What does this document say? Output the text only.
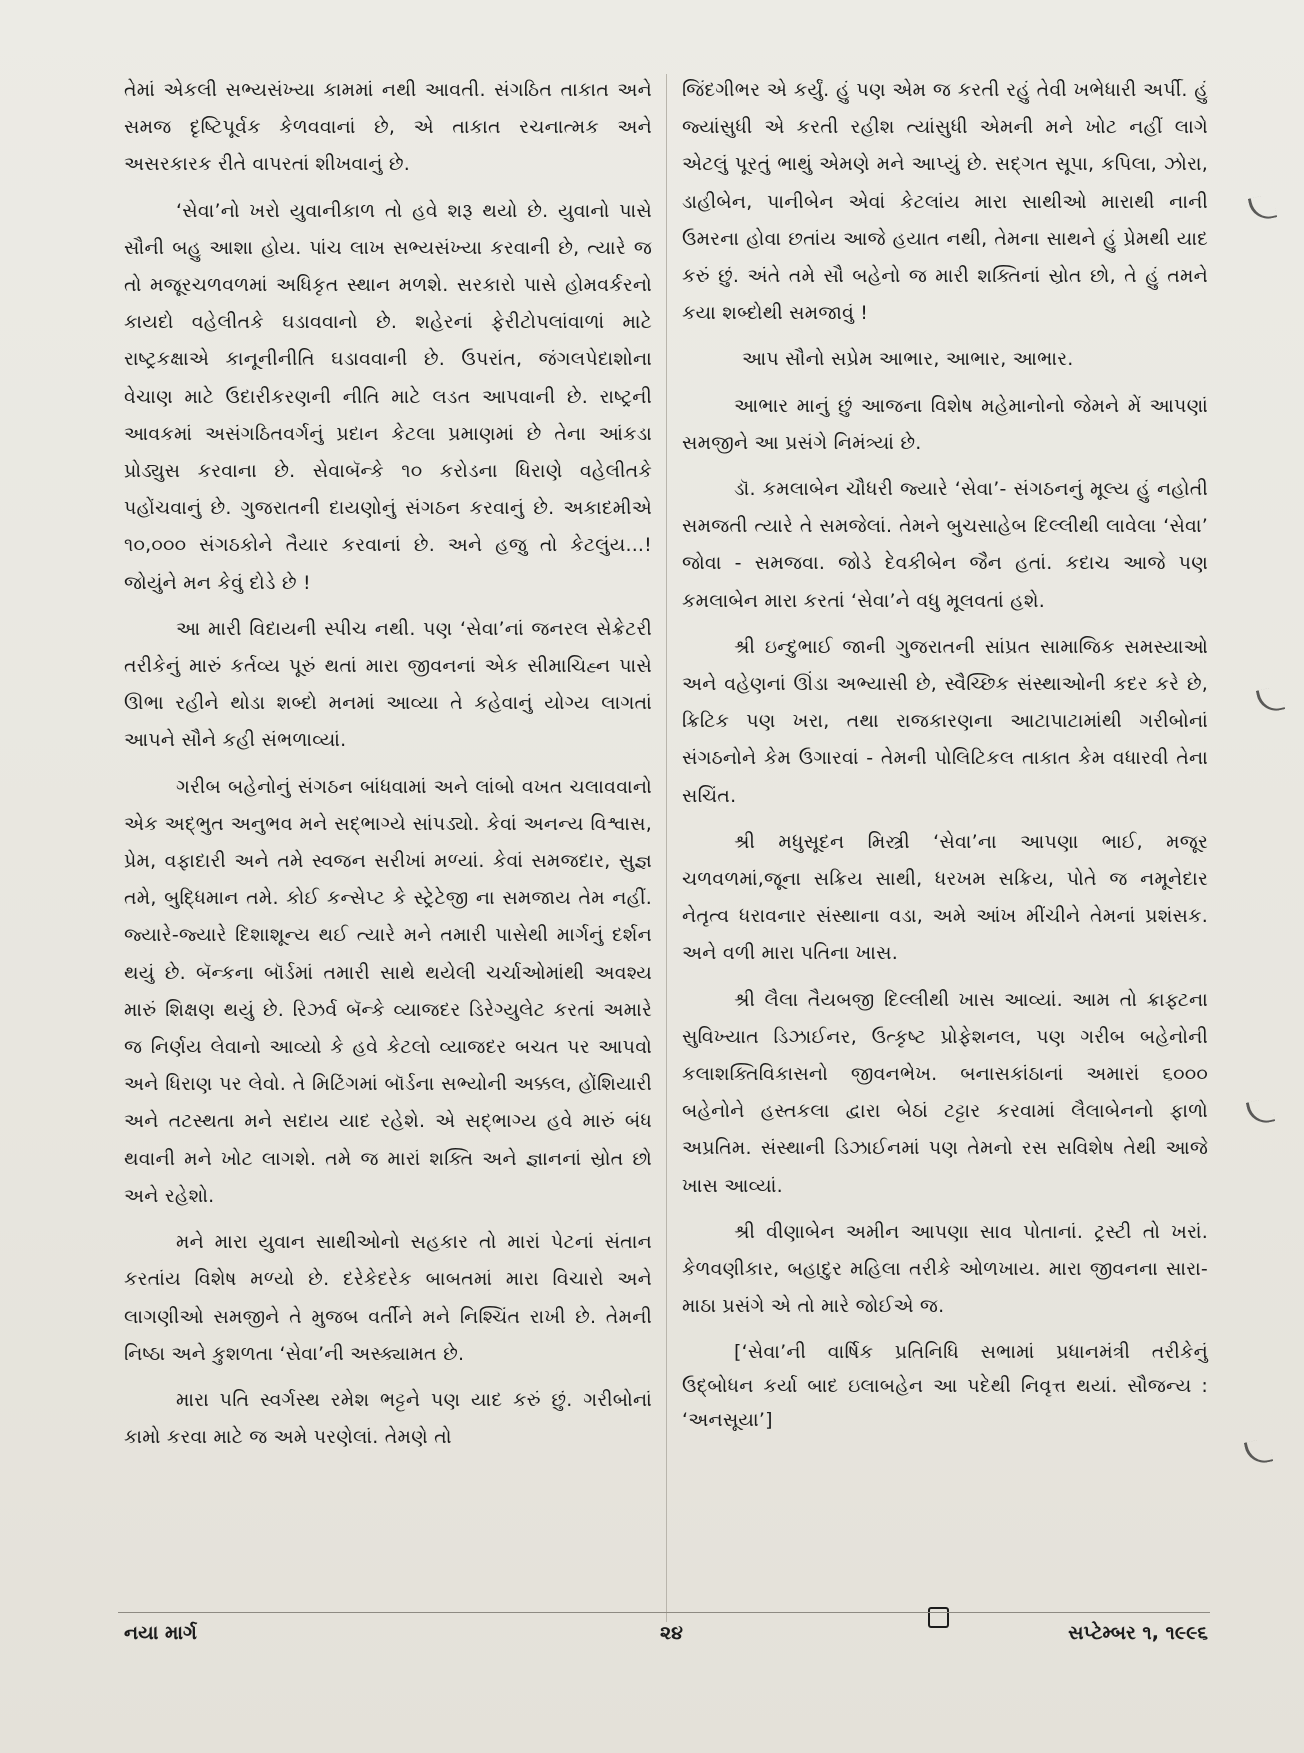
તેમાં એકલી સભ્યસંખ્યા કામમાં નથી આવતી. સંગઠિત તાકાત અને સમજ દૃષ્ટિપૂર્વક કેળવવાનાં છે, એ તાકાત રચનાત્મક અને અસરકારક રીતે વાપરતાં શીખવાનું છે.

‘સેવા’નો ખરો યુવાનીકાળ તો હવે શરૂ થયો છે. યુવાનો પાસે સૌની બહુ આશા હોય. પાંચ લાખ સભ્યસંખ્યા કરવાની છે, ત્યારે જ તો મજૂરચળવળમાં અધિકૃત સ્થાન મળશે. સરકારો પાસે હોમવર્કરનો કાયદો વહેલીતકે ઘડાવવાનો છે. શહેરનાં ફેરીટોપલાંવાળાં માટે રાષ્ટ્રકક્ષાએ કાનૂનીનીતિ ઘડાવવાની છે. ઉપરાંત, જંગલપેદાશોના વેચાણ માટે ઉદારીકરણની નીતિ માટે લડત આપવાની છે. રાષ્ટ્રની આવકમાં અસંગઠિતવર્ગનું પ્રદાન કેટલા પ્રમાણમાં છે તેના આંકડા પ્રોડ્યુસ કરવાના છે. સેવાબૅન્કે ૧૦ કરોડના ધિરાણે વહેલીતકે પહોંચવાનું છે. ગુજરાતની દાયણોનું સંગઠન કરવાનું છે. અકાદમીએ ૧૦,૦૦૦ સંગઠકોને તૈયાર કરવાનાં છે. અને હજુ તો કેટલુંય...! જોયુંને મન કેવું દોડે છે !

આ મારી વિદાયની સ્પીચ નથી. પણ ‘સેવા’નાં જનરલ સેક્રેટરી તરીકેનું મારું કર્તવ્ય પૂરું થતાં મારા જીવનનાં એક સીમાચિહ્ન પાસે ઊભા રહીને થોડા શબ્દો મનમાં આવ્યા તે કહેવાનું યોગ્ય લાગતાં આપને સૌને કહી સંભળાવ્યાં.

ગરીબ બહેનોનું સંગઠન બાંધવામાં અને લાંબો વખત ચલાવવાનો એક અદ્ભુત અનુભવ મને સદ્ભાગ્યે સાંપડ્યો. કેવાં અનન્ય વિશ્વાસ, પ્રેમ, વફાદારી અને તમે સ્વજન સરીખાં મળ્યાં. કેવાં સમજદાર, સુજ્ઞ તમે, બુદ્ધિમાન તમે. કોઈ કન્સેપ્ટ કે સ્ટ્રેટેજી ના સમજાય તેમ નહીં. જ્યારે-જ્યારે દિશાશૂન્ય થઈ ત્યારે મને તમારી પાસેથી માર્ગનું દર્શન થયું છે. બૅન્કના બૉર્ડમાં તમારી સાથે થયેલી ચર્ચાઓમાંથી અવશ્ય મારું શિક્ષણ થયું છે. રિઝર્વ બૅન્કે વ્યાજદર ડિરેગ્યુલેટ કરતાં અમારે જ નિર્ણય લેવાનો આવ્યો કે હવે કેટલો વ્યાજદર બચત પર આપવો અને ધિરાણ પર લેવો. તે મિટિંગમાં બૉર્ડના સભ્યોની અક્કલ, હોંશિયારી અને તટસ્થતા મને સદાય યાદ રહેશે. એ સદ્ભાગ્ય હવે મારું બંધ થવાની મને ખોટ લાગશે. તમે જ મારાં શક્તિ અને જ્ઞાનનાં સ્રોત છો અને રહેશો.

મને મારા યુવાન સાથીઓનો સહકાર તો મારાં પેટનાં સંતાન કરતાંય વિશેષ મળ્યો છે. દરેકેદરેક બાબતમાં મારા વિચારો અને લાગણીઓ સમજીને તે મુજબ વર્તીને મને નિશ્ચિંત રાખી છે. તેમની નિષ્ઠા અને કુશળતા ‘સેવા’ની અસ્ક્યામત છે.

મારા પતિ સ્વર્ગસ્થ રમેશ ભટ્ટને પણ યાદ કરું છું. ગરીબોનાં કામો કરવા માટે જ અમે પરણેલાં. તેમણે તો

જિંદગીભર એ કર્યું. હું પણ એમ જ કરતી રહું તેવી ખભેધારી અર્પી. હું જ્યાંસુધી એ કરતી રહીશ ત્યાંસુધી એમની મને ખોટ નહીં લાગે એટલું પૂરતું ભાથું એમણે મને આપ્યું છે. સદ્ગત સૂપા, કપિલા, ઝોરા, ડાહીબેન, પાનીબેન એવાં કેટલાંય મારા સાથીઓ મારાથી નાની ઉમરના હોવા છતાંય આજે હયાત નથી, તેમના સાથને હું પ્રેમથી યાદ કરું છું. અંતે તમે સૌ બહેનો જ મારી શક્તિનાં સ્રોત છો, તે હું તમને કયા શબ્દોથી સમજાવું !

આપ સૌનો સપ્રેમ આભાર, આભાર, આભાર.

આભાર માનું છું આજના વિશેષ મહેમાનોનો જેમને મેં આપણાં સમજીને આ પ્રસંગે નિમંત્ર્યાં છે.

ડૉ. કમલાબેન ચૌધરી જ્યારે ‘સેવા’- સંગઠનનું મૂલ્ય હું નહોતી સમજતી ત્યારે તે સમજેલાં. તેમને બુચસાહેબ દિલ્લીથી લાવેલા ‘સેવા’ જોવા - સમજવા. જોડે દેવકીબેન જૈન હતાં. કદાચ આજે પણ કમલાબેન મારા કરતાં ‘સેવા’ને વધુ મૂલવતાં હશે.

શ્રી ઇન્દુભાઈ જાની ગુજરાતની સાંપ્રત સામાજિક સમસ્યાઓ અને વહેણનાં ઊંડા અભ્યાસી છે, સ્વૈચ્છિક સંસ્થાઓની કદર કરે છે, ક્રિટિક પણ ખરા, તથા રાજકારણના આટાપાટામાંથી ગરીબોનાં સંગઠનોને કેમ ઉગારવાં - તેમની પોલિટિકલ તાકાત કેમ વધારવી તેના સચિંત.

શ્રી મધુસૂદન મિસ્ત્રી ‘સેવા’ના આપણા ભાઈ, મજૂર ચળવળમાં,જૂના સક્રિય સાથી, ધરખમ સક્રિય, પોતે જ નમૂનેદાર નેતૃત્વ ધરાવનાર સંસ્થાના વડા, અમે આંખ મીંચીને તેમનાં પ્રશંસક. અને વળી મારા પતિના ખાસ.

શ્રી લૈલા તૈયબજી દિલ્લીથી ખાસ આવ્યાં. આમ તો ક્રાફ્ટના સુવિખ્યાત ડિઝાઈનર, ઉત્કૃષ્ટ પ્રોફેશનલ, પણ ગરીબ બહેનોની કલાશક્તિવિકાસનો જીવનભેખ. બનાસકાંઠાનાં અમારાં ૬૦૦૦ બહેનોને હસ્તકલા દ્વારા બેઠાં ટટ્ટાર કરવામાં લૈલાબેનનો ફાળો અપ્રતિમ. સંસ્થાની ડિઝાઈનમાં પણ તેમનો રસ સવિશેષ તેથી આજે ખાસ આવ્યાં.

શ્રી વીણાબેન અમીન આપણા સાવ પોતાનાં. ટ્રસ્ટી તો ખરાં. કેળવણીકાર, બહાદુર મહિલા તરીકે ઓળખાય. મારા જીવનના સારા-માઠા પ્રસંગે એ તો મારે જોઈએ જ.

[‘સેવા’ની વાર્ષિક પ્રતિનિધિ સભામાં પ્રધાનમંત્રી તરીકેનું ઉદ્બોધન કર્યા બાદ ઇલાબહેન આ પદેથી નિવૃત્ત થયાં. સૌજન્ય : ‘અનસૂયા’]

નયા માર્ગ	૨૪	સપ્ટેમ્બર ૧, ૧૯૯૬
